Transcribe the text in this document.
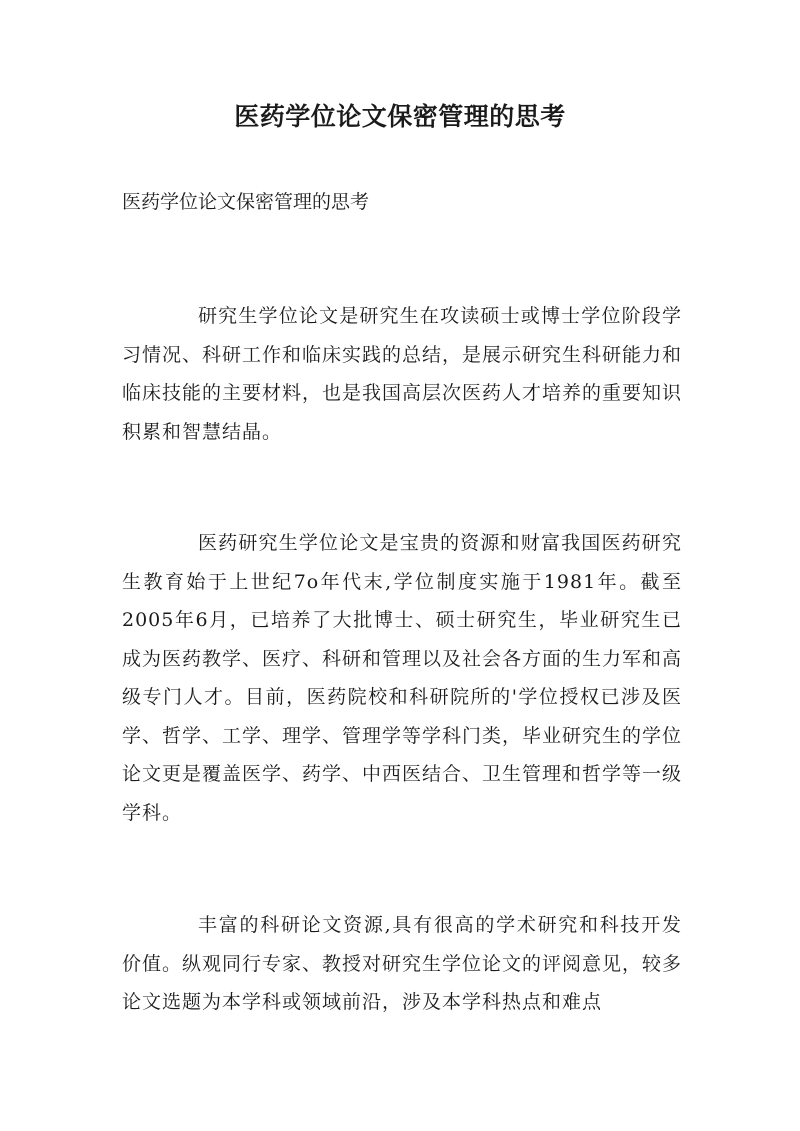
医药学位论文保密管理的思考

医药学位论文保密管理的思考

研究生学位论文是研究生在攻读硕士或博士学位阶段学习情况、科研工作和临床实践的总结，是展示研究生科研能力和临床技能的主要材料，也是我国高层次医药人才培养的重要知识积累和智慧结晶。

医药研究生学位论文是宝贵的资源和财富我国医药研究生教育始于上世纪7o年代末,学位制度实施于1981年。截至2005年6月，已培养了大批博士、硕士研究生，毕业研究生已成为医药教学、医疗、科研和管理以及社会各方面的生力军和高级专门人才。目前，医药院校和科研院所的'学位授权已涉及医学、哲学、工学、理学、管理学等学科门类，毕业研究生的学位论文更是覆盖医学、药学、中西医结合、卫生管理和哲学等一级学科。

丰富的科研论文资源,具有很高的学术研究和科技开发价值。纵观同行专家、教授对研究生学位论文的评阅意见，较多论文选题为本学科或领域前沿，涉及本学科热点和难点
